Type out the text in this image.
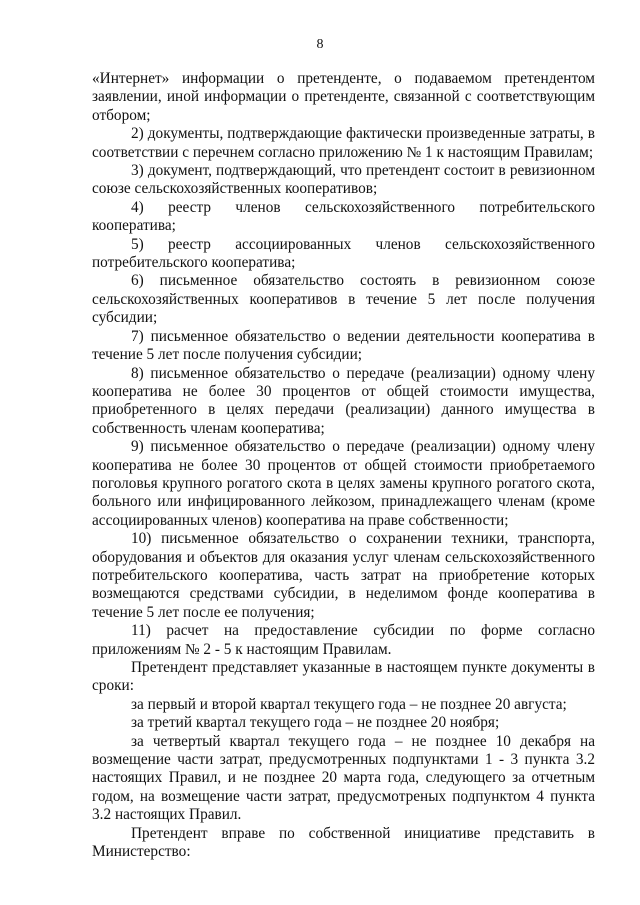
8

«Интернет» информации о претенденте, о подаваемом претендентом заявлении, иной информации о претенденте, связанной с соответствующим отбором;

2) документы, подтверждающие фактически произведенные затраты, в соответствии с перечнем согласно приложению № 1 к настоящим Правилам;

3) документ, подтверждающий, что претендент состоит в ревизионном союзе сельскохозяйственных кооперативов;

4) реестр членов сельскохозяйственного потребительского кооператива;

5) реестр ассоциированных членов сельскохозяйственного потребительского кооператива;

6) письменное обязательство состоять в ревизионном союзе сельскохозяйственных кооперативов в течение 5 лет после получения субсидии;

7) письменное обязательство о ведении деятельности кооператива в течение 5 лет после получения субсидии;

8) письменное обязательство о передаче (реализации) одному члену кооператива не более 30 процентов от общей стоимости имущества, приобретенного в целях передачи (реализации) данного имущества в собственность членам кооператива;

9) письменное обязательство о передаче (реализации) одному члену кооператива не более 30 процентов от общей стоимости приобретаемого поголовья крупного рогатого скота в целях замены крупного рогатого скота, больного или инфицированного лейкозом, принадлежащего членам (кроме ассоциированных членов) кооператива на праве собственности;

10) письменное обязательство о сохранении техники, транспорта, оборудования и объектов для оказания услуг членам сельскохозяйственного потребительского кооператива, часть затрат на приобретение которых возмещаются средствами субсидии, в неделимом фонде кооператива в течение 5 лет после ее получения;

11) расчет на предоставление субсидии по форме согласно приложениям № 2 - 5 к настоящим Правилам.

Претендент представляет указанные в настоящем пункте документы в сроки:

за первый и второй квартал текущего года – не позднее 20 августа;

за третий квартал текущего года – не позднее 20 ноября;

за четвертый квартал текущего года – не позднее 10 декабря на возмещение части затрат, предусмотренных подпунктами 1 - 3 пункта 3.2 настоящих Правил, и не позднее 20 марта года, следующего за отчетным годом, на возмещение части затрат, предусмотреных подпунктом 4 пункта 3.2 настоящих Правил.

Претендент вправе по собственной инициативе представить в Министерство:
